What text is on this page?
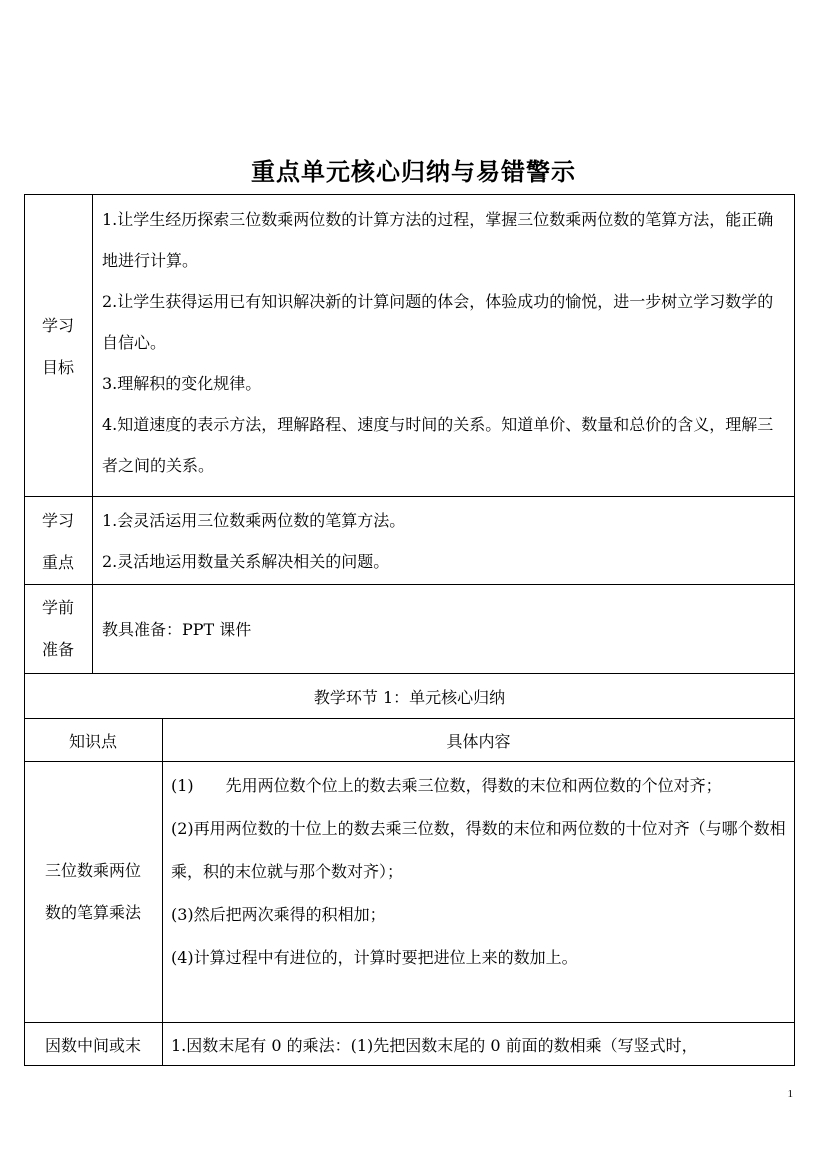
重点单元核心归纳与易错警示
学习
目标

1.让学生经历探索三位数乘两位数的计算方法的过程，掌握三位数乘两位数的笔算方法，能正确地进行计算。

2.让学生获得运用已有知识解决新的计算问题的体会，体验成功的愉悦，进一步树立学习数学的自信心。

3.理解积的变化规律。

4.知道速度的表示方法，理解路程、速度与时间的关系。知道单价、数量和总价的含义，理解三者之间的关系。

学习
重点

1.会灵活运用三位数乘两位数的笔算方法。

2.灵活地运用数量关系解决相关的问题。

学前
准备

教具准备：PPT 课件

教学环节 1：单元核心归纳
知识点	具体内容
三位数乘两位
数的笔算乘法

(1)　　先用两位数个位上的数去乘三位数，得数的末位和两位数的个位对齐；

(2)再用两位数的十位上的数去乘三位数，得数的末位和两位数的十位对齐（与哪个数相乘，积的末位就与那个数对齐）；

(3)然后把两次乘得的积相加；

(4)计算过程中有进位的，计算时要把进位上来的数加上。

因数中间或末	1.因数末尾有 0 的乘法：(1)先把因数末尾的 0 前面的数相乘（写竖式时，
1
